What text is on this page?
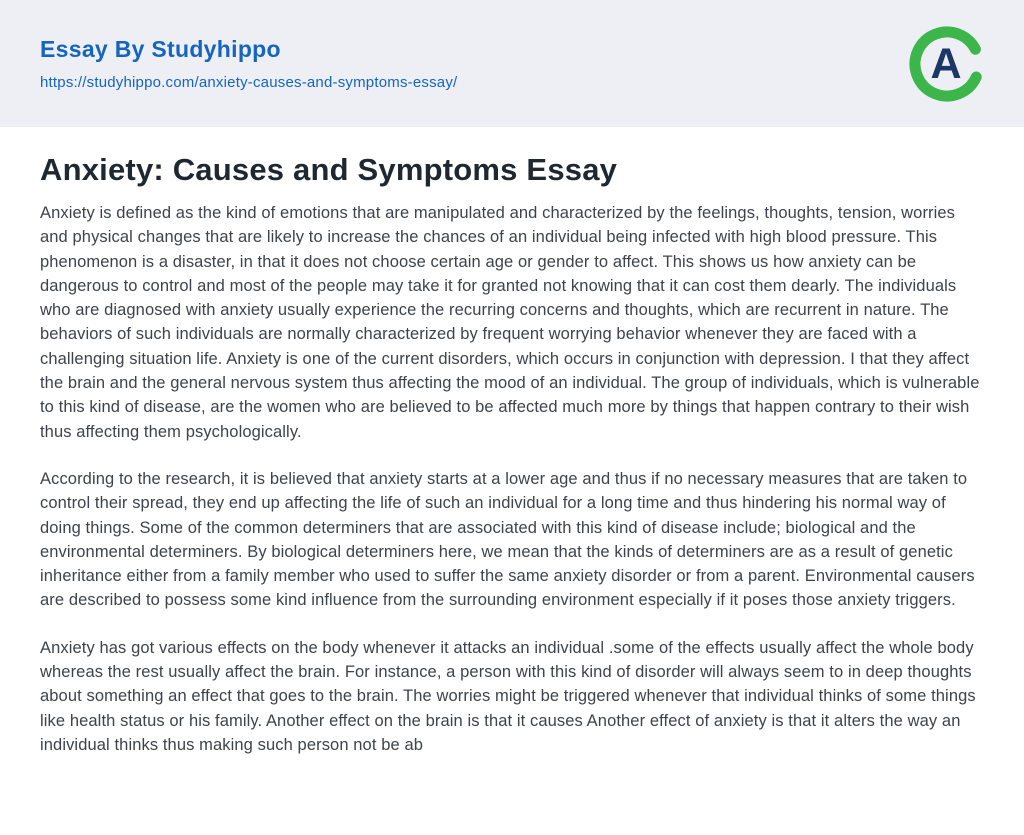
Essay By Studyhippo
https://studyhippo.com/anxiety-causes-and-symptoms-essay/	A
Anxiety: Causes and Symptoms Essay

Anxiety is defined as the kind of emotions that are manipulated and characterized by the feelings, thoughts, tension, worries and physical changes that are likely to increase the chances of an individual being infected with high blood pressure. This phenomenon is a disaster, in that it does not choose certain age or gender to affect. This shows us how anxiety can be dangerous to control and most of the people may take it for granted not knowing that it can cost them dearly. The individuals who are diagnosed with anxiety usually experience the recurring concerns and thoughts, which are recurrent in nature. The behaviors of such individuals are normally characterized by frequent worrying behavior whenever they are faced with a challenging situation life. Anxiety is one of the current disorders, which occurs in conjunction with depression. I that they affect the brain and the general nervous system thus affecting the mood of an individual. The group of individuals, which is vulnerable to this kind of disease, are the women who are believed to be affected much more by things that happen contrary to their wish thus affecting them psychologically.

According to the research, it is believed that anxiety starts at a lower age and thus if no necessary measures that are taken to control their spread, they end up affecting the life of such an individual for a long time and thus hindering his normal way of doing things. Some of the common determiners that are associated with this kind of disease include; biological and the environmental determiners. By biological determiners here, we mean that the kinds of determiners are as a result of genetic inheritance either from a family member who used to suffer the same anxiety disorder or from a parent. Environmental causers are described to possess some kind influence from the surrounding environment especially if it poses those anxiety triggers.

Anxiety has got various effects on the body whenever it attacks an individual .some of the effects usually affect the whole body whereas the rest usually affect the brain. For instance, a person with this kind of disorder will always seem to in deep thoughts about something an effect that goes to the brain. The worries might be triggered whenever that individual thinks of some things like health status or his family. Another effect on the brain is that it causes Another effect of anxiety is that it alters the way an individual thinks thus making such person not be ab
